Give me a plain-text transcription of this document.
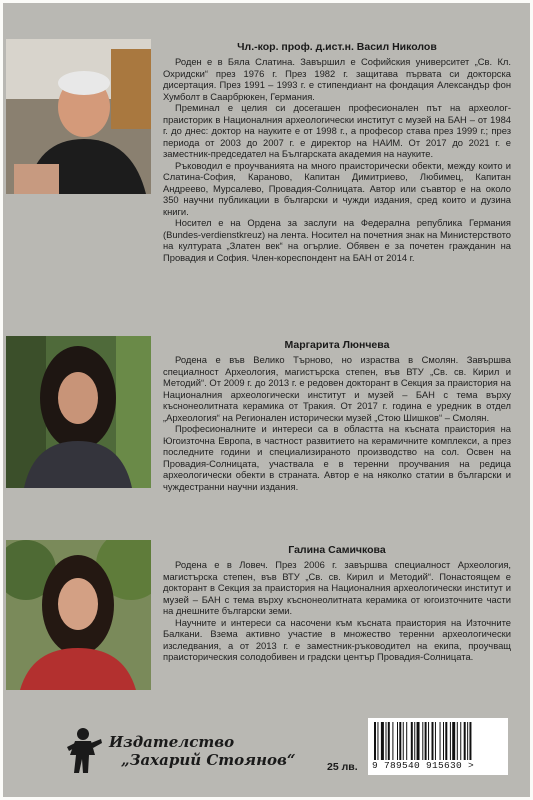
Чл.-кор. проф. д.ист.н. Васил Николов

Роден е в Бяла Слатина. Завършил е Софийския университет „Св. Кл. Охридски“ през 1976 г. През 1982 г. защитава първата си докторска дисертация. През 1991 – 1993 г. е стипендиант на фондация Александър фон Хумболт в Саарбрюкен, Германия.

Преминал е целия си досегашен професионален път на археолог-праисторик в Националния археологически институт с музей на БАН – от 1984 г. до днес: доктор на науките е от 1998 г., а професор става през 1999 г.; през периода от 2003 до 2007 г. е директор на НАИМ. От 2017 до 2021 г. е заместник-председател на Българската академия на науките.

Ръководил е проучванията на много праисторически обекти, между които и Слатина-София, Караново, Капитан Димитриево, Любимец, Капитан Андреево, Мурсалево, Провадия-Солницата. Автор или съавтор е на около 350 научни публикации в български и чужди издания, сред които и дузина книги.

Носител е на Ордена за заслуги на Федерална република Германия (Bundes-verdienstkreuz) на лента. Носител на почетния знак на Министерството на културата „Златен век“ на огърлие. Обявен е за почетен гражданин на Провадия и София. Член-кореспондент на БАН от 2014 г.

Маргарита Люнчева

Родена е във Велико Търново, но израства в Смолян. Завършва специалност Археология, магистърска степен, във ВТУ „Св. св. Кирил и Методий“. От 2009 г. до 2013 г. е редовен докторант в Секция за праистория на Националния археологически институт и музей – БАН с тема върху къснонеолитната керамика от Тракия. От 2017 г. година е уредник в отдел „Археология“ на Регионален исторически музей „Стою Шишков“ – Смолян.

Професионалните и интереси са в областта на късната праистория на Югоизточна Европа, в частност развитието на керамичните комплекси, а през последните години и специализираното производство на сол. Освен на Провадия-Солницата, участвала е в теренни проучвания на редица археологически обекти в страната. Автор е на няколко статии в български и чуждестранни научни издания.

Галина Самичкова

Родена е в Ловеч. През 2006 г. завършва специалност Археология, магистърска степен, във ВТУ „Св. св. Кирил и Методий“. Понастоящем е докторант в Секция за праистория на Националния археологически институт и музей – БАН с тема върху къснонеолитната керамика от югоизточните части на днешните български земи.

Научните и интереси са насочени към късната праистория на Източните Балкани. Взема активно участие в множество теренни археологически изследвания, а от 2013 г. е заместник-ръководител на екипа, проучващ праисторическия солодобивен и градски център Провадия-Солницата.

Издателство
„Захарий Стоянов“	25 лв. 9 789540 915630 >
